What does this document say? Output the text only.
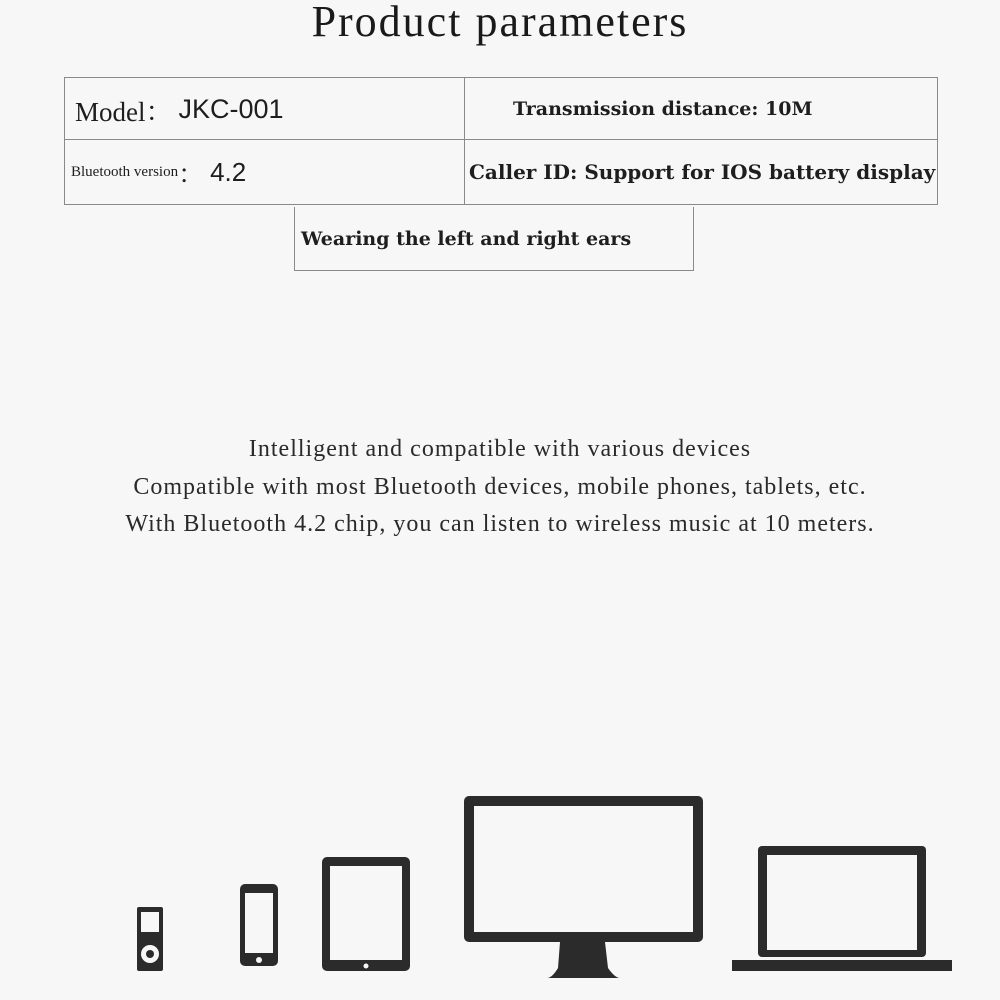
Product parameters
Model： JKC-001	Transmission distance: 10M
Bluetooth version ： 4.2	Caller ID: Support for IOS battery display
Wearing the left and right ears
Intelligent and compatible with various devices
Compatible with most Bluetooth devices, mobile phones, tablets, etc.
With Bluetooth 4.2 chip, you can listen to wireless music at 10 meters.
